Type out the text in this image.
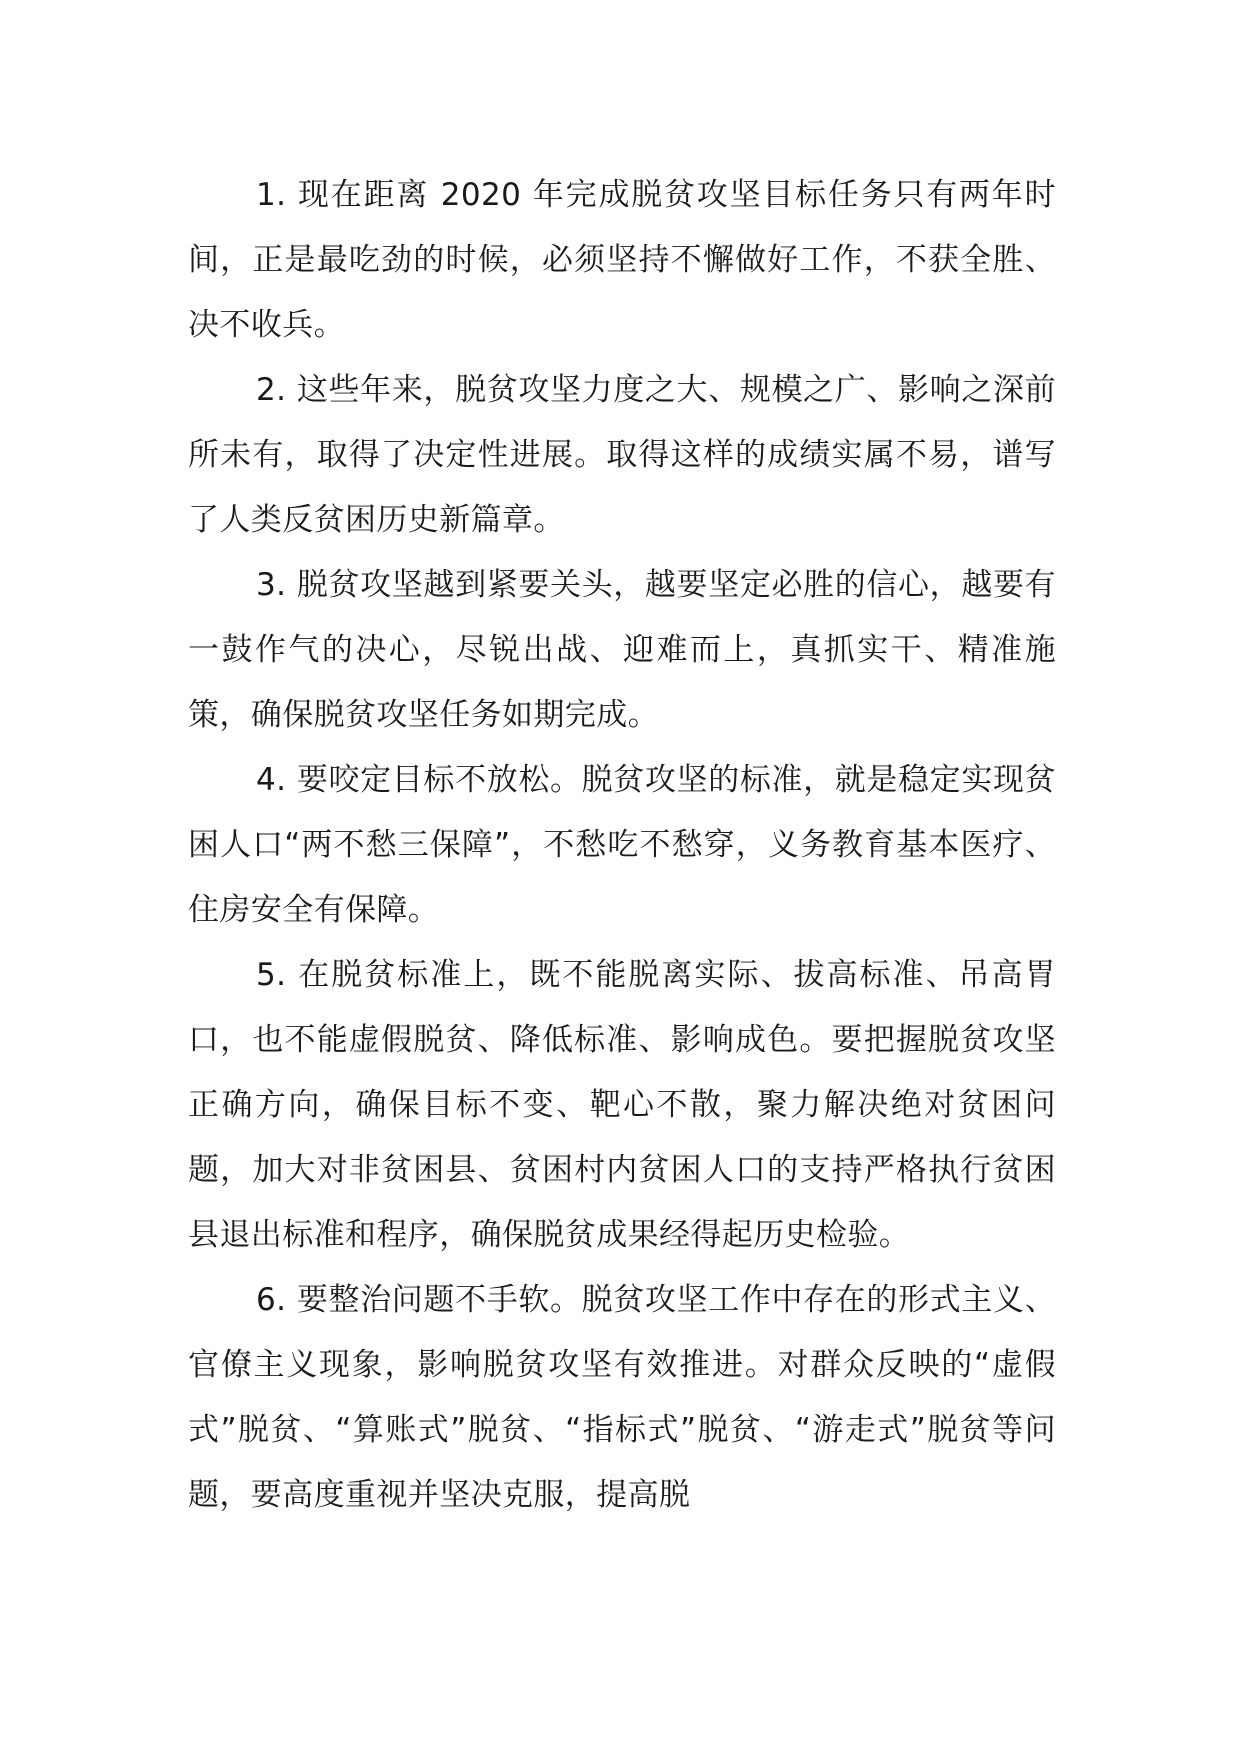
1. 现在距离 2020 年完成脱贫攻坚目标任务只有两年时间，正是最吃劲的时候，必须坚持不懈做好工作，不获全胜、决不收兵。

2. 这些年来，脱贫攻坚力度之大、规模之广、影响之深前所未有，取得了决定性进展。取得这样的成绩实属不易，谱写了人类反贫困历史新篇章。

3. 脱贫攻坚越到紧要关头，越要坚定必胜的信心，越要有一鼓作气的决心，尽锐出战、迎难而上，真抓实干、精准施策，确保脱贫攻坚任务如期完成。

4. 要咬定目标不放松。脱贫攻坚的标准，就是稳定实现贫困人口“两不愁三保障”，不愁吃不愁穿，义务教育基本医疗、住房安全有保障。

5. 在脱贫标准上，既不能脱离实际、拔高标准、吊高胃口，也不能虚假脱贫、降低标准、影响成色。要把握脱贫攻坚正确方向，确保目标不变、靶心不散，聚力解决绝对贫困问题，加大对非贫困县、贫困村内贫困人口的支持严格执行贫困县退出标准和程序，确保脱贫成果经得起历史检验。

6. 要整治问题不手软。脱贫攻坚工作中存在的形式主义、官僚主义现象，影响脱贫攻坚有效推进。对群众反映的“虚假式”脱贫、“算账式”脱贫、“指标式”脱贫、“游走式”脱贫等问题，要高度重视并坚决克服，提高脱
